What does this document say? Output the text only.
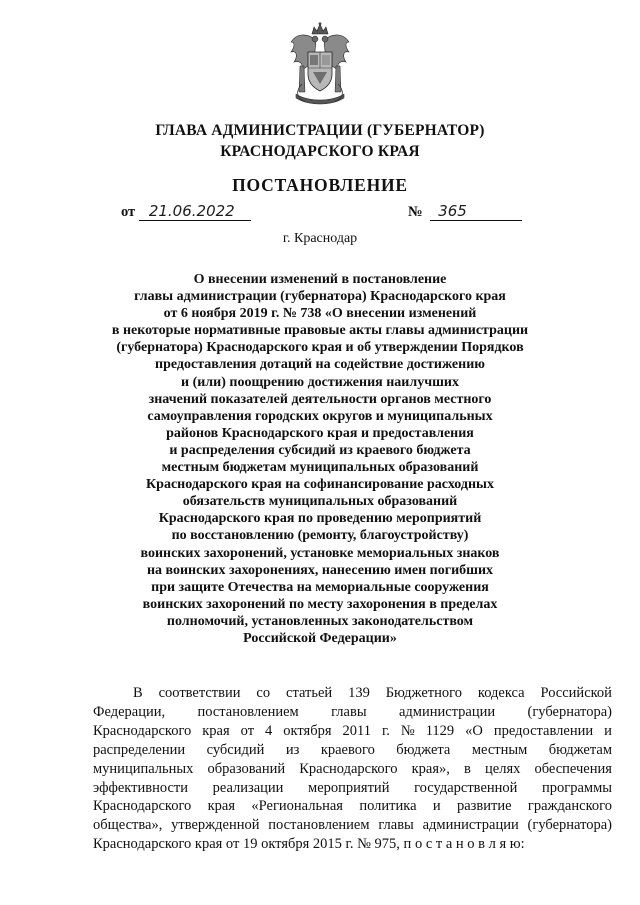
ГЛАВА АДМИНИСТРАЦИИ (ГУБЕРНАТОР)
КРАСНОДАРСКОГО КРАЯ
ПОСТАНОВЛЕНИЕ
от 21.06.2022	№ 365
г. Краснодар
О внесении изменений в постановление
главы администрации (губернатора) Краснодарского края
от 6 ноября 2019 г. № 738 «О внесении изменений
в некоторые нормативные правовые акты главы администрации
(губернатора) Краснодарского края и об утверждении Порядков
предоставления дотаций на содействие достижению
и (или) поощрению достижения наилучших
значений показателей деятельности органов местного
самоуправления городских округов и муниципальных
районов Краснодарского края и предоставления
и распределения субсидий из краевого бюджета
местным бюджетам муниципальных образований
Краснодарского края на софинансирование расходных
обязательств муниципальных образований
Краснодарского края по проведению мероприятий
по восстановлению (ремонту, благоустройству)
воинских захоронений, установке мемориальных знаков
на воинских захоронениях, нанесению имен погибших
при защите Отечества на мемориальные сооружения
воинских захоронений по месту захоронения в пределах
полномочий, установленных законодательством
Российской Федерации»
В соответствии со статьей 139 Бюджетного кодекса Российской
Федерации, постановлением главы администрации (губернатора)
Краснодарского края от 4 октября 2011 г. № 1129 «О предоставлении и
распределении субсидий из краевого бюджета местным бюджетам
муниципальных образований Краснодарского края», в целях обеспечения
эффективности реализации мероприятий государственной программы
Краснодарского края «Региональная политика и развитие гражданского
общества», утвержденной постановлением главы администрации (губернатора)
Краснодарского края от 19 октября 2015 г. № 975, п о с т а н о в л я ю:
